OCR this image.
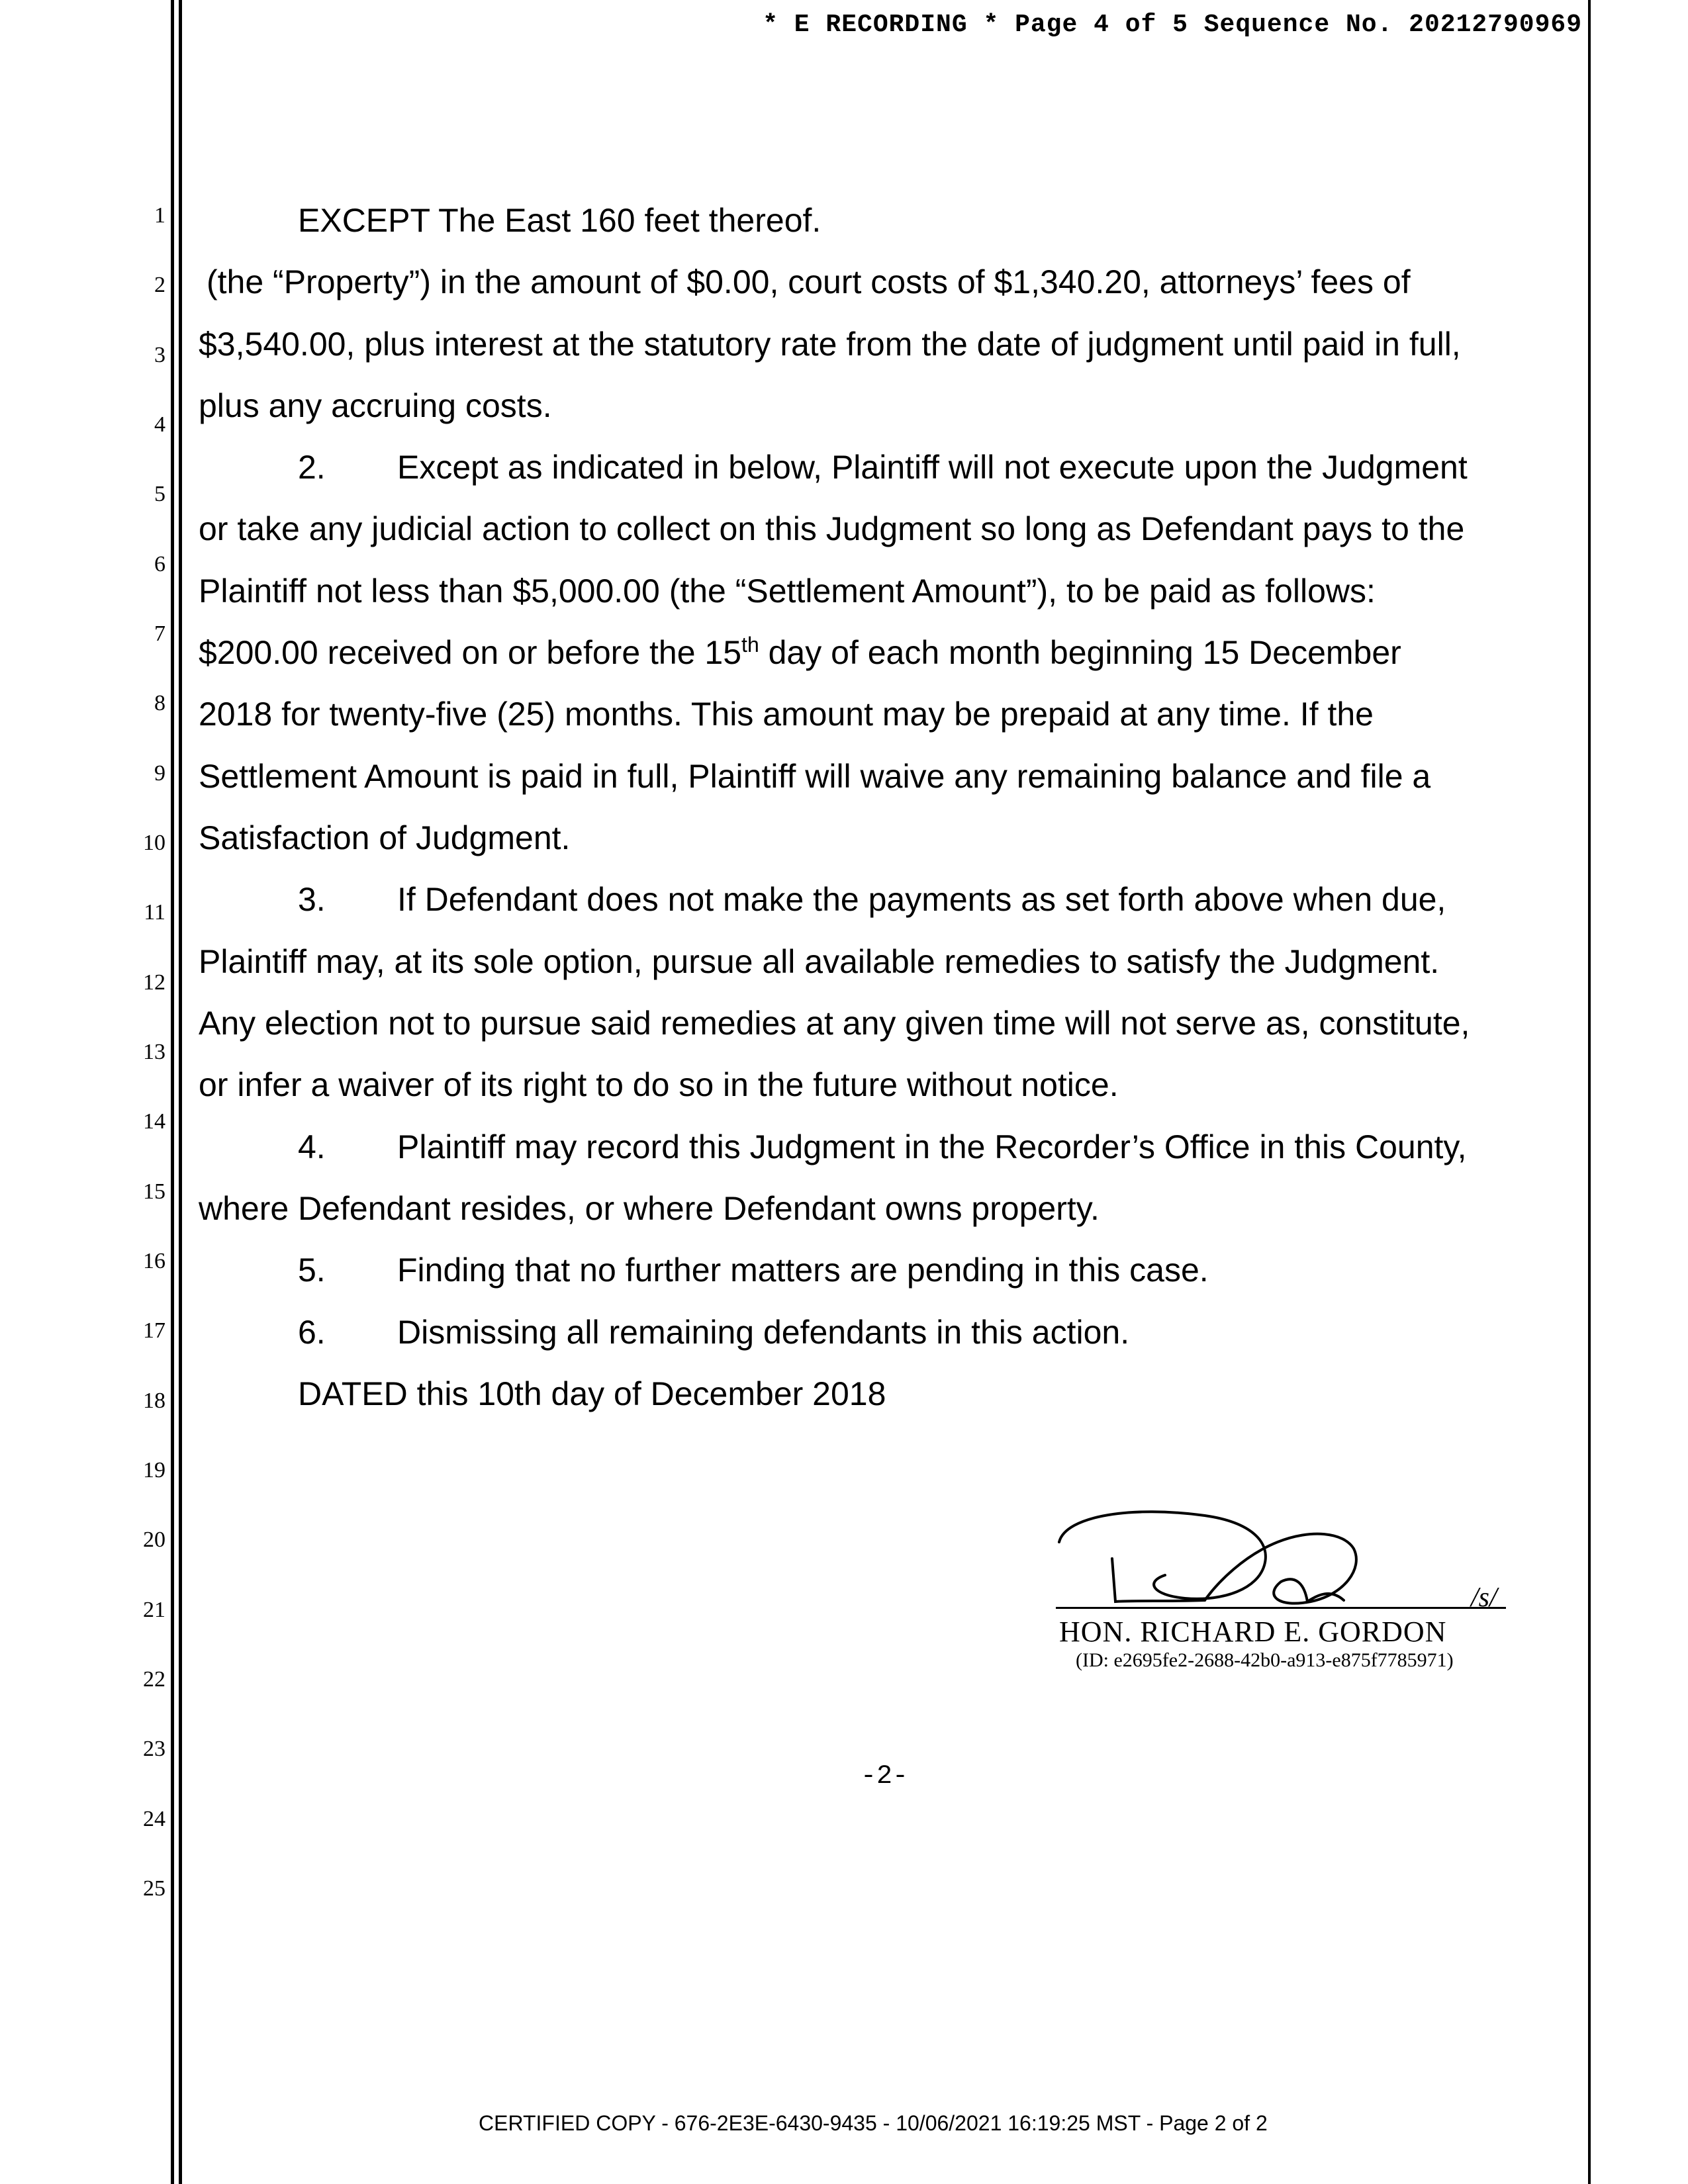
* E RECORDING * Page 4 of 5 Sequence No. 20212790969
1
2
3
4
5
6
7
8
9
10
11
12
13
14
15
16
17
18
19
20
21
22
23
24
25
EXCEPT The East 160 feet thereof.
(the “Property”) in the amount of $0.00, court costs of $1,340.20, attorneys’ fees of
$3,540.00, plus interest at the statutory rate from the date of judgment until paid in full,
plus any accruing costs.
2. Except as indicated in below, Plaintiff will not execute upon the Judgment
or take any judicial action to collect on this Judgment so long as Defendant pays to the
Plaintiff not less than $5,000.00 (the “Settlement Amount”), to be paid as follows:
$200.00 received on or before the 15th day of each month beginning 15 December
2018 for twenty-five (25) months. This amount may be prepaid at any time. If the
Settlement Amount is paid in full, Plaintiff will waive any remaining balance and file a
Satisfaction of Judgment.
3. If Defendant does not make the payments as set forth above when due,
Plaintiff may, at its sole option, pursue all available remedies to satisfy the Judgment.
Any election not to pursue said remedies at any given time will not serve as, constitute,
or infer a waiver of its right to do so in the future without notice.
4. Plaintiff may record this Judgment in the Recorder’s Office in this County,
where Defendant resides, or where Defendant owns property.
5. Finding that no further matters are pending in this case.
6. Dismissing all remaining defendants in this action.
DATED this 10th day of December 2018
/s/
HON. RICHARD E. GORDON
(ID: e2695fe2-2688-42b0-a913-e875f7785971)
-2-
CERTIFIED COPY - 676-2E3E-6430-9435 - 10/06/2021 16:19:25 MST - Page 2 of 2
